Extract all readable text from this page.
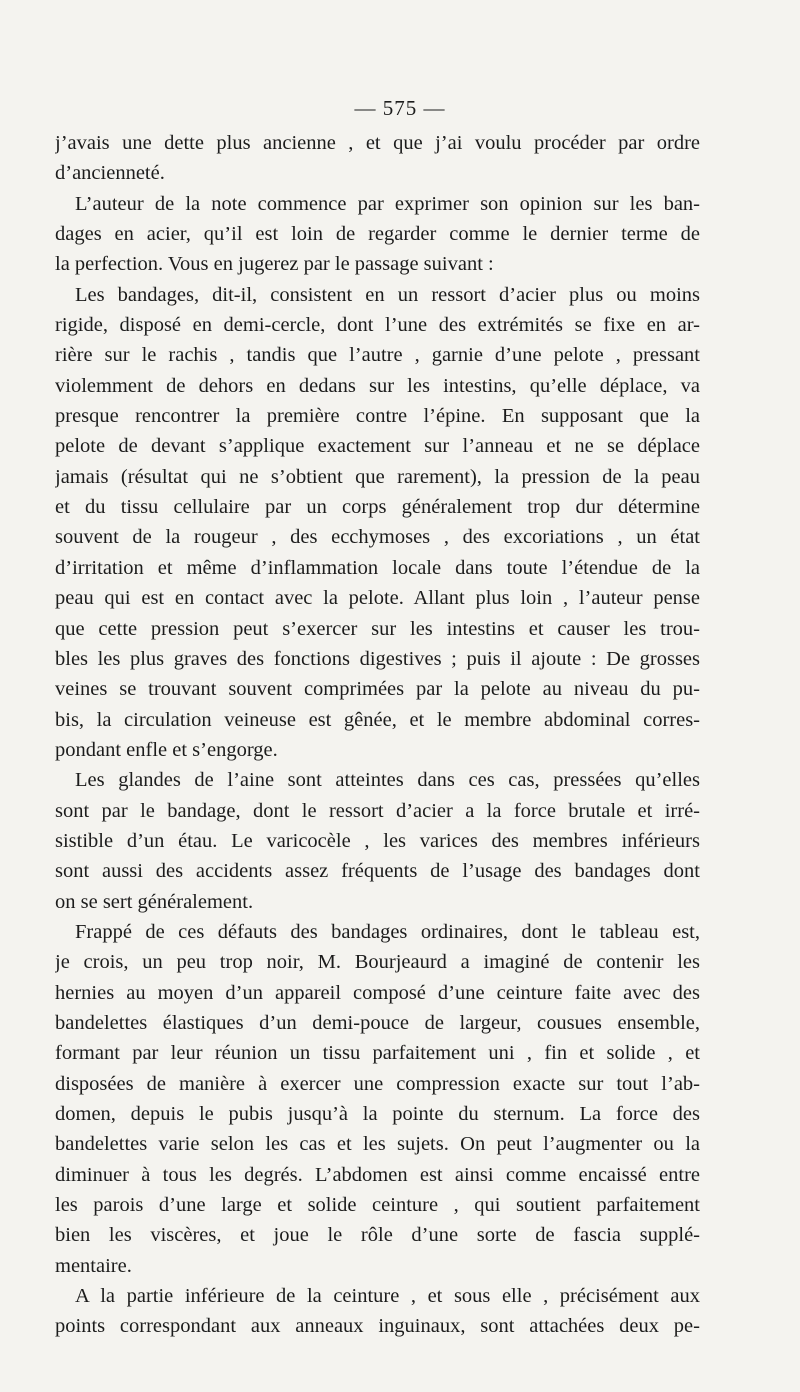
— 575 —
j’avais une dette plus ancienne , et que j’ai voulu procéder par ordre
d’ancienneté.
L’auteur de la note commence par exprimer son opinion sur les ban-
dages en acier, qu’il est loin de regarder comme le dernier terme de
la perfection. Vous en jugerez par le passage suivant :
Les bandages, dit-il, consistent en un ressort d’acier plus ou moins
rigide, disposé en demi-cercle, dont l’une des extrémités se fixe en ar-
rière sur le rachis , tandis que l’autre , garnie d’une pelote , pressant
violemment de dehors en dedans sur les intestins, qu’elle déplace, va
presque rencontrer la première contre l’épine. En supposant que la
pelote de devant s’applique exactement sur l’anneau et ne se déplace
jamais (résultat qui ne s’obtient que rarement), la pression de la peau
et du tissu cellulaire par un corps généralement trop dur détermine
souvent de la rougeur , des ecchymoses , des excoriations , un état
d’irritation et même d’inflammation locale dans toute l’étendue de la
peau qui est en contact avec la pelote. Allant plus loin , l’auteur pense
que cette pression peut s’exercer sur les intestins et causer les trou-
bles les plus graves des fonctions digestives ; puis il ajoute : De grosses
veines se trouvant souvent comprimées par la pelote au niveau du pu-
bis, la circulation veineuse est gênée, et le membre abdominal corres-
pondant enfle et s’engorge.
Les glandes de l’aine sont atteintes dans ces cas, pressées qu’elles
sont par le bandage, dont le ressort d’acier a la force brutale et irré-
sistible d’un étau. Le varicocèle , les varices des membres inférieurs
sont aussi des accidents assez fréquents de l’usage des bandages dont
on se sert généralement.
Frappé de ces défauts des bandages ordinaires, dont le tableau est,
je crois, un peu trop noir, M. Bourjeaurd a imaginé de contenir les
hernies au moyen d’un appareil composé d’une ceinture faite avec des
bandelettes élastiques d’un demi-pouce de largeur, cousues ensemble,
formant par leur réunion un tissu parfaitement uni , fin et solide , et
disposées de manière à exercer une compression exacte sur tout l’ab-
domen, depuis le pubis jusqu’à la pointe du sternum. La force des
bandelettes varie selon les cas et les sujets. On peut l’augmenter ou la
diminuer à tous les degrés. L’abdomen est ainsi comme encaissé entre
les parois d’une large et solide ceinture , qui soutient parfaitement
bien les viscères, et joue le rôle d’une sorte de fascia supplé-
mentaire.
A la partie inférieure de la ceinture , et sous elle , précisément aux
points correspondant aux anneaux inguinaux, sont attachées deux pe-
